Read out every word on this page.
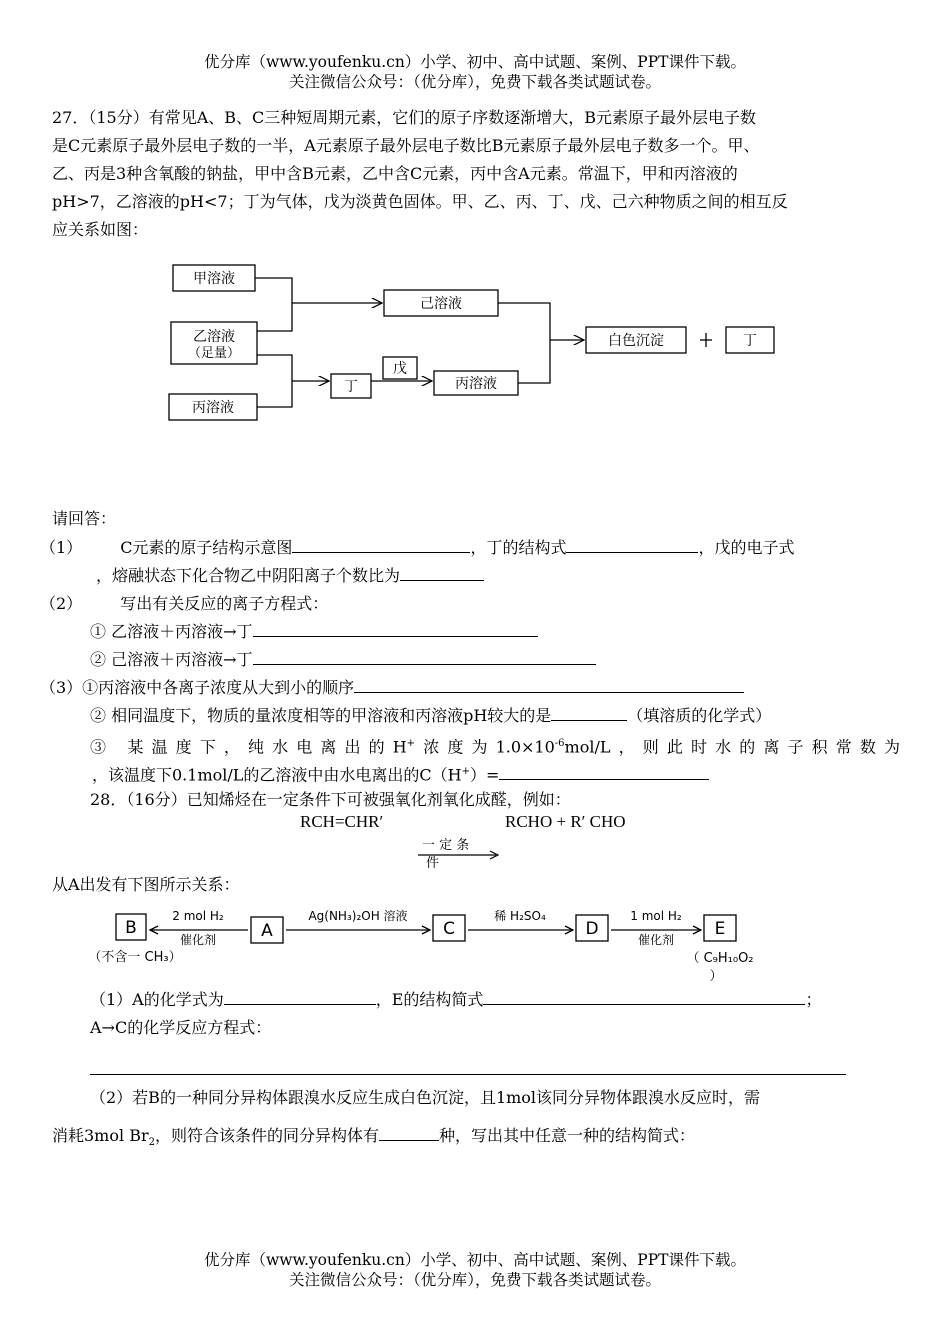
优分库（www.youfenku.cn）小学、初中、高中试题、案例、PPT课件下载。
关注微信公众号：（优分库），免费下载各类试题试卷。
27．（15分）有常见A、B、C三种短周期元素，它们的原子序数逐渐增大，B元素原子最外层电子数
是C元素原子最外层电子数的一半，A元素原子最外层电子数比B元素原子最外层电子数多一个。甲、
乙、丙是3种含氧酸的钠盐，甲中含B元素，乙中含C元素，丙中含A元素。常温下，甲和丙溶液的
pH>7，乙溶液的pH<7；丁为气体，戊为淡黄色固体。甲、乙、丙、丁、戊、己六种物质之间的相互反
应关系如图：
甲溶液
乙溶液
（足量）
丙溶液
己溶液
丁
戊
丙溶液
白色沉淀	丁
请回答：
（1） C元素的原子结构示意图	，丁的结构式	，戊的电子式
，熔融状态下化合物乙中阴阳离子个数比为
（2） 写出有关反应的离子方程式：
① 乙溶液＋丙溶液→丁
② 己溶液＋丙溶液→丁
（3）①丙溶液中各离子浓度从大到小的顺序
② 相同温度下，物质的量浓度相等的甲溶液和丙溶液pH较大的是	（填溶质的化学式）
③ 某温度下，纯水电离出的H+浓度为$1.0\times 10^{-6}mol/L$，则此时水的离子积常数为
，该温度下0.1mol/L的乙溶液中由水电离出的C（H+）=
28．（16分）已知烯烃在一定条件下可被强氧化剂氧化成醛，例如：
RCH=CHR′	RCHO + R′ CHO
一 定 条
件
从A出发有下图所示关系：
B	A	C	D	E
2 mol H₂
催化剂
Ag(NH₃)₂OH 溶液	稀 H₂SO₄	1 mol H₂
催化剂
（不含一 CH₃）	（ C₉H₁₀O₂
）
（1）A的化学式为	，E的结构简式	；
A→C的化学反应方程式：
（2）若B的一种同分异构体跟溴水反应生成白色沉淀，且1mol该同分异物体跟溴水反应时，需
消耗3mol $Br_2$，则符合该条件的同分异构体有	种，写出其中任意一种的结构简式：
优分库（www.youfenku.cn）小学、初中、高中试题、案例、PPT课件下载。
关注微信公众号：（优分库），免费下载各类试题试卷。
